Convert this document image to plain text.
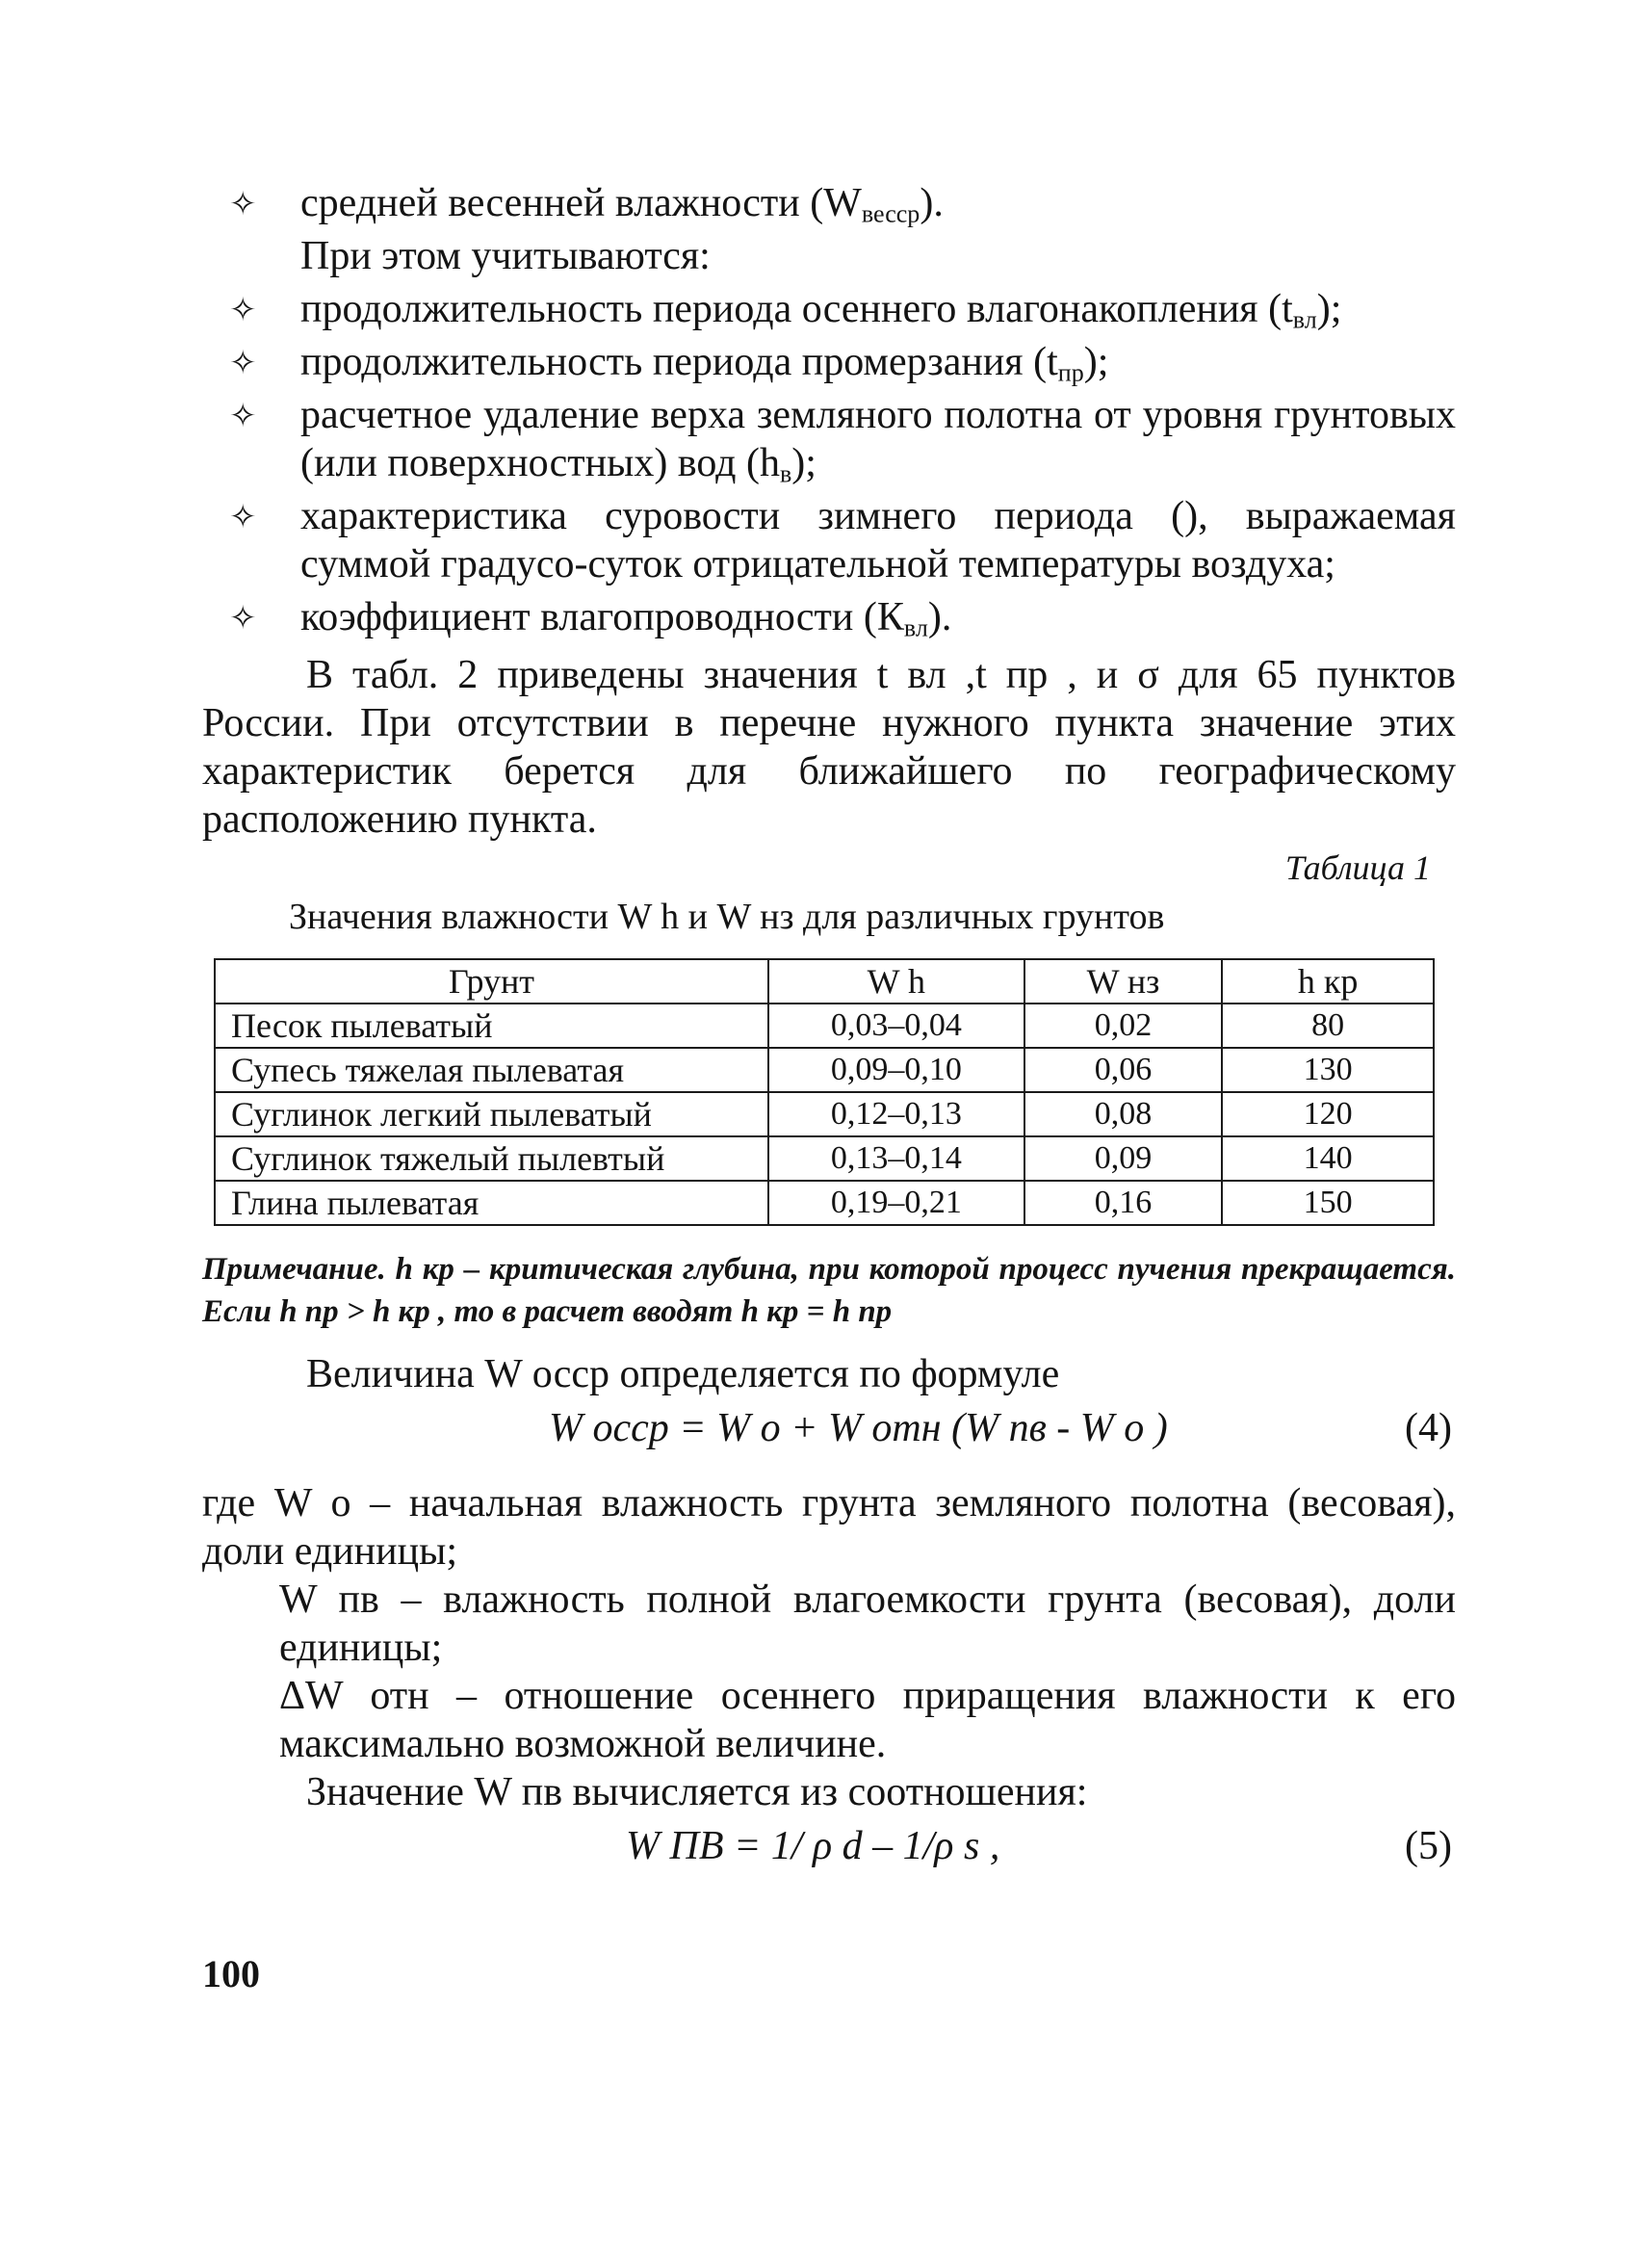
✧ средней весенней влажности $(W_{вессp})$.
При этом учитываются:
✧ продолжительность периода осеннего влагонакопления $(t_{вл})$;
✧ продолжительность периода промерзания $(t_{пр})$;
✧ расчетное удаление верха земляного полотна от уровня грунтовых (или поверхностных) вод $(h_в)$;
✧ характеристика суровости зимнего периода (), выражаемая суммой градусо-суток отрицательной температуры воздуха;
✧ коэффициент влагопроводности $(К_{вл})$.
В табл. 2 приведены значения t вл ,t пр , и σ для 65 пунктов России. При отсутствии в перечне нужного пункта значение этих характеристик берется для ближайшего по географическому расположению пункта.
Таблица 1
Значения влажности W h и W нз для различных грунтов
Грунт	W h	W нз	h кр
Песок пылеватый	0,03–0,04	0,02	80
Супесь тяжелая пылеватая	0,09–0,10	0,06	130
Суглинок легкий пылеватый	0,12–0,13	0,08	120
Суглинок тяжелый пылевтый	0,13–0,14	0,09	140
Глина пылеватая	0,19–0,21	0,16	150
Примечание. h кр – критическая глубина, при которой процесс пучения прекращается. Если h пр > h кр , то в расчет вводят h кр = h пр
Величина W оссp определяется по формуле
W оссp = W o + W отн (W пв - W o )	(4)
где W o – начальная влажность грунта земляного полотна (весовая), доли единицы;
W пв – влажность полной влагоемкости грунта (весовая), доли единицы;
ΔW отн – отношение осеннего приращения влажности к его максимально возможной величине.
Значение W пв вычисляется из соотношения:
W ПВ = 1/ ρ d – 1/ρ s ,	(5)
100
